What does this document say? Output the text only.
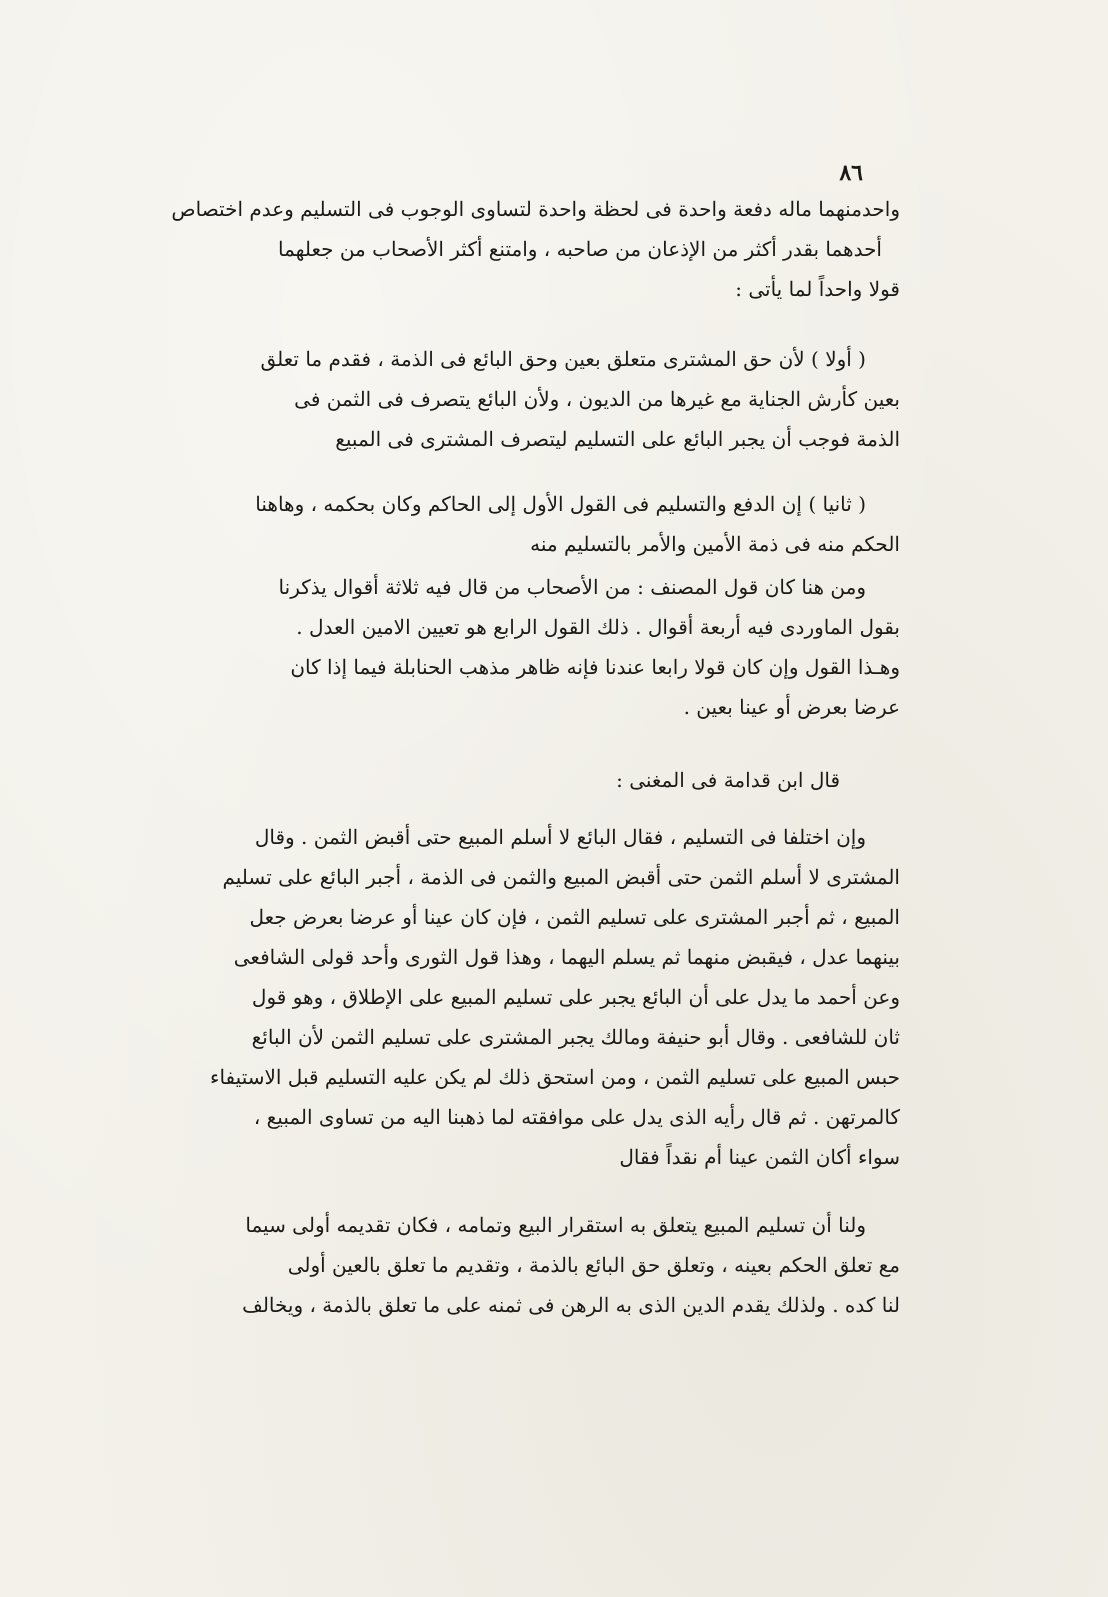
٨٦
واحدمنهما ماله دفعة واحدة فى لحظة واحدة لتساوى الوجوب فى التسليم وعدم اختصاص
أحدهما بقدر أكثر من الإذعان من صاحبه ، وامتنع أكثر الأصحاب من جعلهما
قولا واحداً لما يأتى :
( أولا ) لأن حق المشترى متعلق بعين وحق البائع فى الذمة ، فقدم ما تعلق
بعين كأرش الجناية مع غيرها من الديون ، ولأن البائع يتصرف فى الثمن فى
الذمة فوجب أن يجبر البائع على التسليم ليتصرف المشترى فى المبيع
( ثانيا ) إن الدفع والتسليم فى القول الأول إلى الحاكم وكان بحكمه ، وهاهنا
الحكم منه فى ذمة الأمين والأمر بالتسليم منه
ومن هنا كان قول المصنف : من الأصحاب من قال فيه ثلاثة أقوال يذكرنا
بقول الماوردى فيه أربعة أقوال . ذلك القول الرابع هو تعيين الامين العدل .
وهـذا القول وإن كان قولا رابعا عندنا فإنه ظاهر مذهب الحنابلة فيما إذا كان
عرضا بعرض أو عينا بعين .
قال ابن قدامة فى المغنى :
وإن اختلفا فى التسليم ، فقال البائع لا أسلم المبيع حتى أقبض الثمن . وقال
المشترى لا أسلم الثمن حتى أقبض المبيع والثمن فى الذمة ، أجبر البائع على تسليم
المبيع ، ثم أجبر المشترى على تسليم الثمن ، فإن كان عينا أو عرضا بعرض جعل
بينهما عدل ، فيقبض منهما ثم يسلم اليهما ، وهذا قول الثورى وأحد قولى الشافعى
وعن أحمد ما يدل على أن البائع يجبر على تسليم المبيع على الإطلاق ، وهو قول
ثان للشافعى . وقال أبو حنيفة ومالك يجبر المشترى على تسليم الثمن لأن البائع
حبس المبيع على تسليم الثمن ، ومن استحق ذلك لم يكن عليه التسليم قبل الاستيفاء
كالمرتهن . ثم قال رأيه الذى يدل على موافقته لما ذهبنا اليه من تساوى المبيع ،
سواء أكان الثمن عينا أم نقداً فقال
ولنا أن تسليم المبيع يتعلق به استقرار البيع وتمامه ، فكان تقديمه أولى سيما
مع تعلق الحكم بعينه ، وتعلق حق البائع بالذمة ، وتقديم ما تعلق بالعين أولى
لنا كده . ولذلك يقدم الدين الذى به الرهن فى ثمنه على ما تعلق بالذمة ، ويخالف
